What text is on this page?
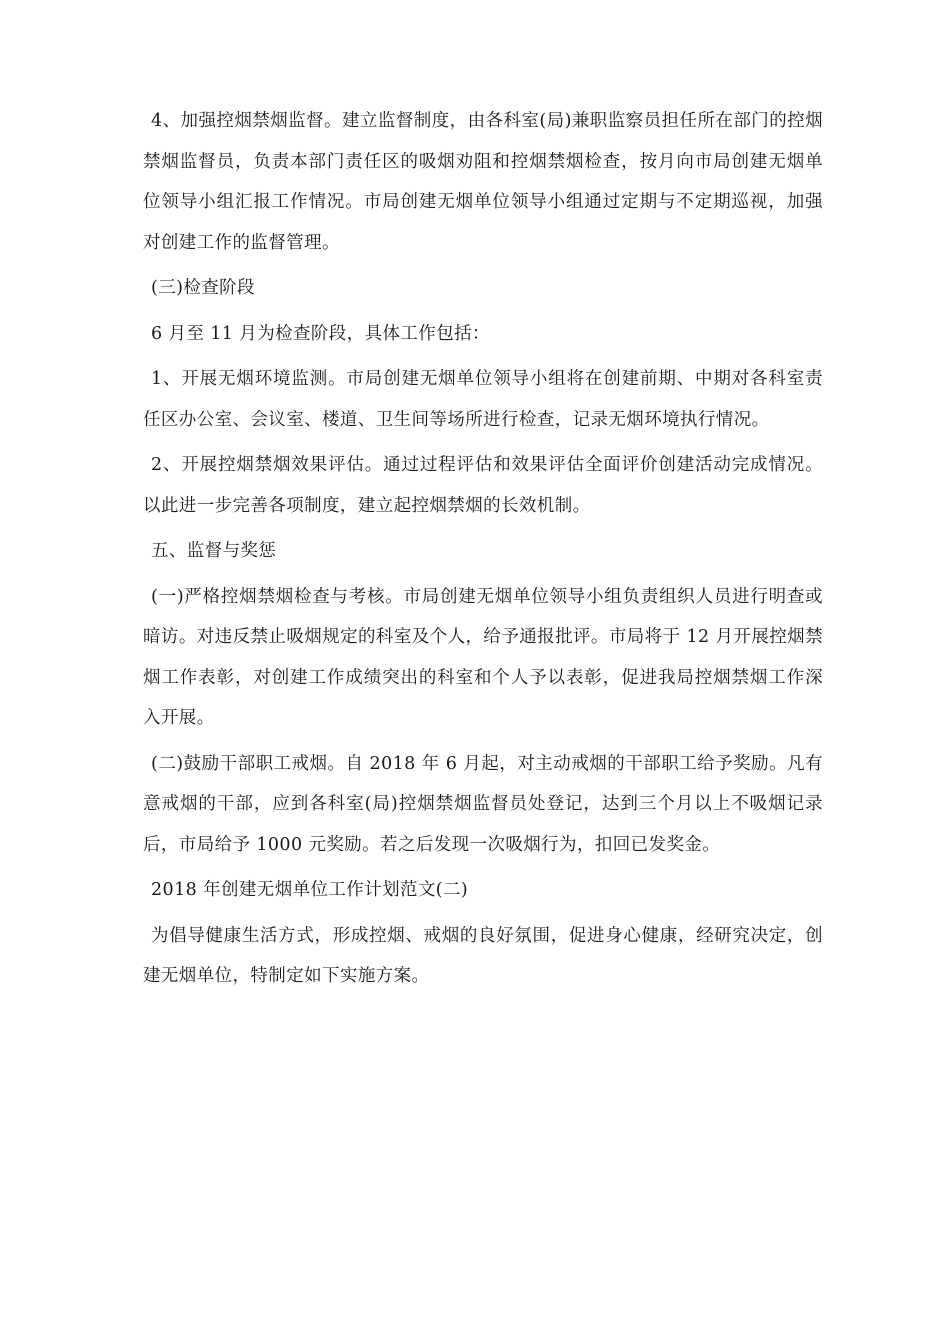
4、加强控烟禁烟监督。建立监督制度，由各科室(局)兼职监察员担任所在部门的控烟禁烟监督员，负责本部门责任区的吸烟劝阻和控烟禁烟检查，按月向市局创建无烟单位领导小组汇报工作情况。市局创建无烟单位领导小组通过定期与不定期巡视，加强对创建工作的监督管理。

(三)检查阶段

6 月至 11 月为检查阶段，具体工作包括：

1、开展无烟环境监测。市局创建无烟单位领导小组将在创建前期、中期对各科室责任区办公室、会议室、楼道、卫生间等场所进行检查，记录无烟环境执行情况。

2、开展控烟禁烟效果评估。通过过程评估和效果评估全面评价创建活动完成情况。以此进一步完善各项制度，建立起控烟禁烟的长效机制。

五、监督与奖惩

(一)严格控烟禁烟检查与考核。市局创建无烟单位领导小组负责组织人员进行明查或暗访。对违反禁止吸烟规定的科室及个人，给予通报批评。市局将于 12 月开展控烟禁烟工作表彰，对创建工作成绩突出的科室和个人予以表彰，促进我局控烟禁烟工作深入开展。

(二)鼓励干部职工戒烟。自 2018 年 6 月起，对主动戒烟的干部职工给予奖励。凡有意戒烟的干部，应到各科室(局)控烟禁烟监督员处登记，达到三个月以上不吸烟记录后，市局给予 1000 元奖励。若之后发现一次吸烟行为，扣回已发奖金。

2018 年创建无烟单位工作计划范文(二)

为倡导健康生活方式，形成控烟、戒烟的良好氛围，促进身心健康，经研究决定，创建无烟单位，特制定如下实施方案。
